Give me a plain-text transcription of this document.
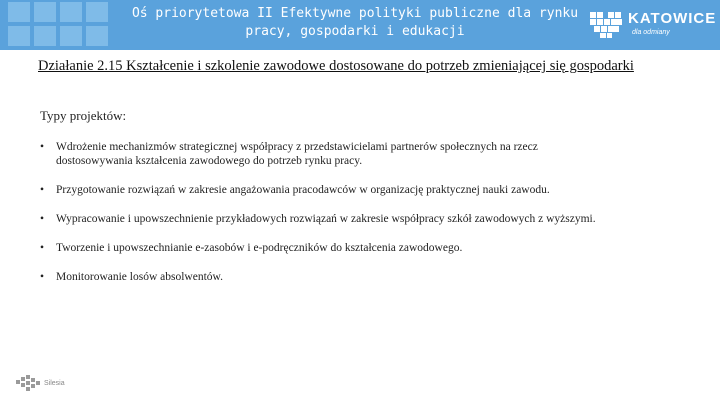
Oś priorytetowa II Efektywne polityki publiczne dla rynku pracy, gospodarki i edukacji
KATOWICE
dla odmiany
Działanie 2.15 Kształcenie i szkolenie zawodowe dostosowane do potrzeb zmieniającej się gospodarki
Typy projektów:
• Wdrożenie mechanizmów strategicznej współpracy z przedstawicielami partnerów społecznych na rzecz dostosowywania kształcenia zawodowego do potrzeb rynku pracy.
• Przygotowanie rozwiązań w zakresie angażowania pracodawców w organizację praktycznej nauki zawodu.
• Wypracowanie i upowszechnienie przykładowych rozwiązań w zakresie współpracy szkół zawodowych z wyższymi.
• Tworzenie i upowszechnianie e-zasobów i e-podręczników do kształcenia zawodowego.
• Monitorowanie losów absolwentów.
Silesia
